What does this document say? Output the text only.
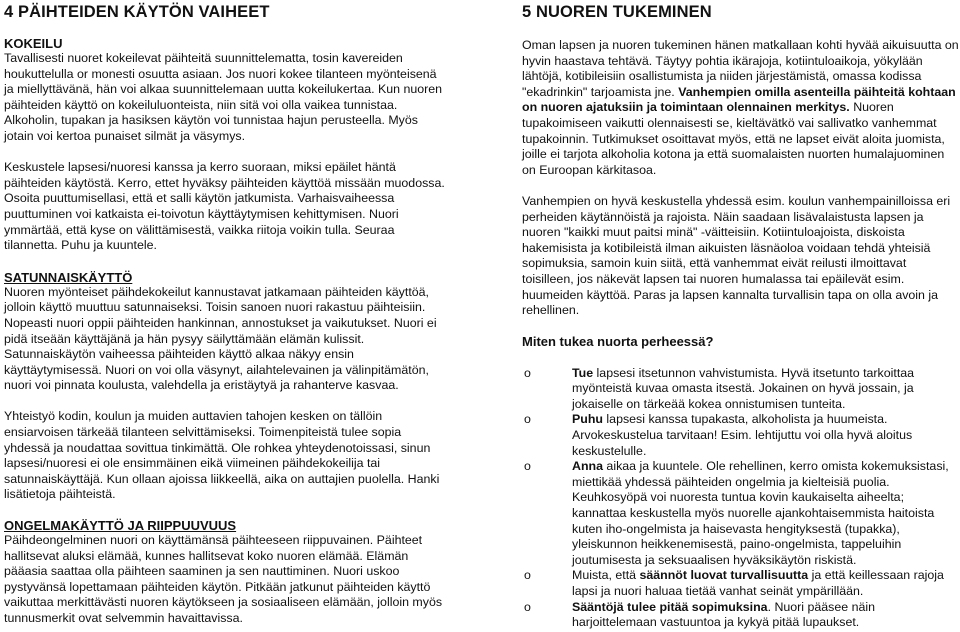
4 PÄIHTEIDEN KÄYTÖN VAIHEET
KOKEILU

Tavallisesti nuoret kokeilevat päihteitä suunnittelematta, tosin kavereiden houkuttelulla or monesti osuutta asiaan. Jos nuori kokee tilanteen myönteisenä ja miellyttävänä, hän voi alkaa suunnittelemaan uutta kokeilukertaa. Kun nuoren päihteiden käyttö on kokeiluluonteista, niin sitä voi olla vaikea tunnistaa. Alkoholin, tupakan ja hasiksen käytön voi tunnistaa hajun perusteella. Myös jotain voi kertoa punaiset silmät ja väsymys.

Keskustele lapsesi/nuoresi kanssa ja kerro suoraan, miksi epäilet häntä päihteiden käytöstä. Kerro, ettet hyväksy päihteiden käyttöä missään muodossa. Osoita puuttumisellasi, että et salli käytön jatkumista. Varhaisvaiheessa puuttuminen voi katkaista ei-toivotun käyttäytymisen kehittymisen. Nuori ymmärtää, että kyse on välittämisestä, vaikka riitoja voikin tulla. Seuraa tilannetta. Puhu ja kuuntele.

SATUNNAISKÄYTTÖ

Nuoren myönteiset päihdekokeilut kannustavat jatkamaan päihteiden käyttöä, jolloin käyttö muuttuu satunnaiseksi. Toisin sanoen nuori rakastuu päihteisiin. Nopeasti nuori oppii päihteiden hankinnan, annostukset ja vaikutukset. Nuori ei pidä itseään käyttäjänä ja hän pysyy säilyttämään elämän kulissit. Satunnaiskäytön vaiheessa päihteiden käyttö alkaa näkyy ensin käyttäytymisessä. Nuori on voi olla väsynyt, ailahtelevainen ja välinpitämätön, nuori voi pinnata koulusta, valehdella ja eristäytyä ja rahanterve kasvaa.

Yhteistyö kodin, koulun ja muiden auttavien tahojen kesken on tällöin ensiarvoisen tärkeää tilanteen selvittämiseksi. Toimenpiteistä tulee sopia yhdessä ja noudattaa sovittua tinkimättä. Ole rohkea yhteydenotoissasi, sinun lapsesi/nuoresi ei ole ensimmäinen eikä viimeinen päihdekokeilija tai satunnaiskäyttäjä. Kun ollaan ajoissa liikkeellä, aika on auttajien puolella. Hanki lisätietoja päihteistä.

ONGELMAKÄYTTÖ JA RIIPPUUVUUS

Päihdeongelminen nuori on käyttämänsä päihteeseen riippuvainen. Päihteet hallitsevat aluksi elämää, kunnes hallitsevat koko nuoren elämää. Elämän pääasia saattaa olla päihteen saaminen ja sen nauttiminen. Nuori uskoo pystyvänsä lopettamaan päihteiden käytön. Pitkään jatkunut päihteiden käyttö vaikuttaa merkittävästi nuoren käytökseen ja sosiaaliseen elämään, jolloin myös tunnusmerkit ovat selvemmin havaittavissa.

5 NUOREN TUKEMINEN

Oman lapsen ja nuoren tukeminen hänen matkallaan kohti hyvää aikuisuutta on hyvin haastava tehtävä. Täytyy pohtia ikärajoja, kotiintuloaikoja, yökylään lähtöjä, kotibileisiin osallistumista ja niiden järjestämistä, omassa kodissa "ekadrinkin" tarjoamista jne. Vanhempien omilla asenteilla päihteitä kohtaan on nuoren ajatuksiin ja toimintaan olennainen merkitys. Nuoren tupakoimiseen vaikutti olennaisesti se, kieltävätkö vai sallivatko vanhemmat tupakoinnin. Tutkimukset osoittavat myös, että ne lapset eivät aloita juomista, joille ei tarjota alkoholia kotona ja että suomalaisten nuorten humalajuominen on Euroopan kärkitasoa.

Vanhempien on hyvä keskustella yhdessä esim. koulun vanhempainilloissa eri perheiden käytännöistä ja rajoista. Näin saadaan lisävalaistusta lapsen ja nuoren "kaikki muut paitsi minä" -väitteisiin. Kotiintuloajoista, diskoista hakemisista ja kotibileistä ilman aikuisten läsnäoloa voidaan tehdä yhteisiä sopimuksia, samoin kuin siitä, että vanhemmat eivät reilusti ilmoittavat toisilleen, jos näkevät lapsen tai nuoren humalassa tai epäilevät esim. huumeiden käyttöä. Paras ja lapsen kannalta turvallisin tapa on olla avoin ja rehellinen.

Miten tukea nuorta perheessä?
o	Tue lapsesi itsetunnon vahvistumista. Hyvä itsetunto tarkoittaa myönteistä kuvaa omasta itsestä. Jokainen on hyvä jossain, ja jokaiselle on tärkeää kokea onnistumisen tunteita.
o	Puhu lapsesi kanssa tupakasta, alkoholista ja huumeista. Arvokeskustelua tarvitaan! Esim. lehtijuttu voi olla hyvä aloitus keskustelulle.
o	Anna aikaa ja kuuntele. Ole rehellinen, kerro omista kokemuksistasi, miettikää yhdessä päihteiden ongelmia ja kielteisiä puolia. Keuhkosyöpä voi nuoresta tuntua kovin kaukaiselta aiheelta; kannattaa keskustella myös nuorelle ajankohtaisemmista haitoista kuten iho-ongelmista ja haisevasta hengityksestä (tupakka), yleiskunnon heikkenemisestä, paino-ongelmista, tappeluihin joutumisesta ja seksuaalisen hyväksikäytön riskistä.
o	Muista, että säännöt luovat turvallisuutta ja että keillessaan rajoja lapsi ja nuori haluaa tietää vanhat seinät ympärillään.
o	Sääntöjä tulee pitää sopimuksina. Nuori pääsee näin harjoittelemaan vastuuntoa ja kykyä pitää lupaukset.
